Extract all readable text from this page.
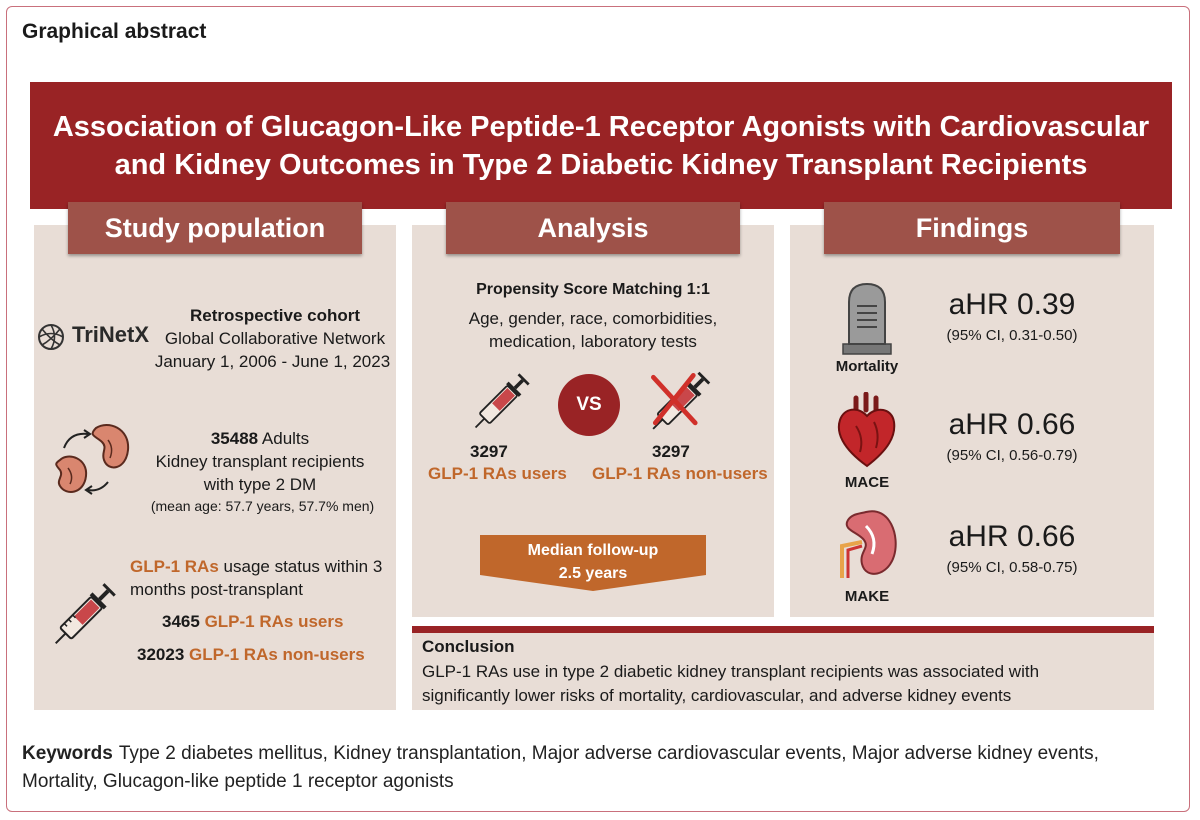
Graphical abstract
Association of Glucagon-Like Peptide-1 Receptor Agonists with Cardiovascular and Kidney Outcomes in Type 2 Diabetic Kidney Transplant Recipients
Study population	Analysis	Findings
TriNetX
Retrospective cohort
Global Collaborative Network
January 1, 2006 - June 1, 2023
35488 Adults
Kidney transplant recipients
with type 2 DM
(mean age: 57.7 years, 57.7% men)
GLP-1 RAs usage status within 3
months post-transplant
3465 GLP-1 RAs users
32023 GLP-1 RAs non-users
Propensity Score Matching 1:1
Age, gender, race, comorbidities,
medication, laboratory tests
VS
3297
GLP-1 RAs users
3297
GLP-1 RAs non-users
Median follow-up
2.5 years
Mortality
aHR 0.39
(95% CI, 0.31-0.50)
MACE
aHR 0.66
(95% CI, 0.56-0.79)
MAKE
aHR 0.66
(95% CI, 0.58-0.75)
Conclusion
GLP-1 RAs use in type 2 diabetic kidney transplant recipients was associated with
significantly lower risks of mortality, cardiovascular, and adverse kidney events
Keywords Type 2 diabetes mellitus, Kidney transplantation, Major adverse cardiovascular events, Major adverse kidney events, Mortality, Glucagon-like peptide 1 receptor agonists
